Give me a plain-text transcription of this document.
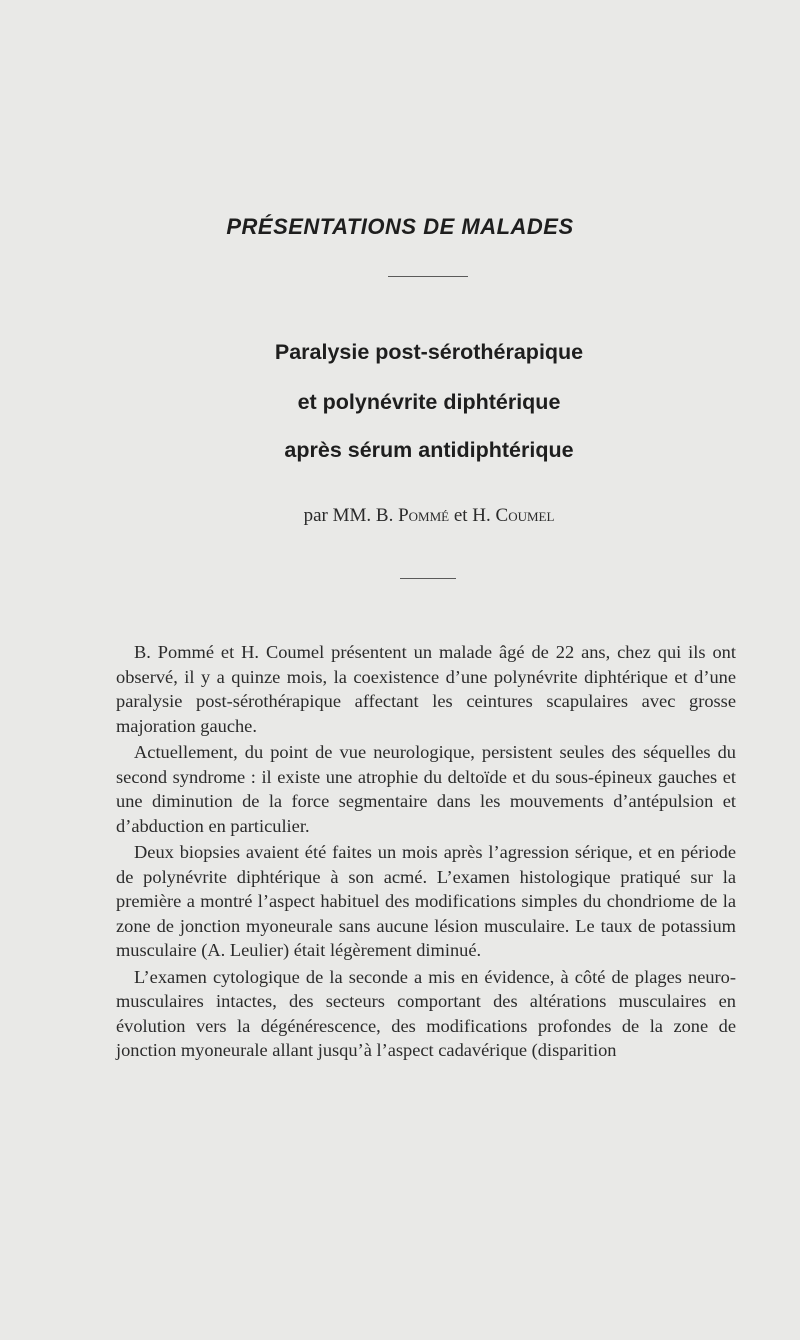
PRÉSENTATIONS DE MALADES
Paralysie post-sérothérapique
et polynévrite diphtérique
après sérum antidiphtérique
par MM. B. Pommé et H. Coumel

B. Pommé et H. Coumel présentent un malade âgé de 22 ans, chez qui ils ont observé, il y a quinze mois, la coexistence d’une polynévrite diphtérique et d’une paralysie post-sérothérapique affectant les ceintures scapulaires avec grosse majoration gauche.

Actuellement, du point de vue neurologique, persistent seules des séquelles du second syndrome : il existe une atrophie du deltoïde et du sous-épineux gauches et une diminution de la force segmentaire dans les mouvements d’antépulsion et d’abduction en particulier.

Deux biopsies avaient été faites un mois après l’agression sérique, et en période de polynévrite diphtérique à son acmé. L’examen histologique pratiqué sur la première a montré l’aspect habituel des modifications simples du chondriome de la zone de jonction myoneurale sans aucune lésion musculaire. Le taux de potassium musculaire (A. Leulier) était légèrement diminué.

L’examen cytologique de la seconde a mis en évidence, à côté de plages neuro-musculaires intactes, des secteurs comportant des altérations musculaires en évolution vers la dégénérescence, des modifications profondes de la zone de jonction myoneurale allant jusqu’à l’aspect cadavérique (disparition
